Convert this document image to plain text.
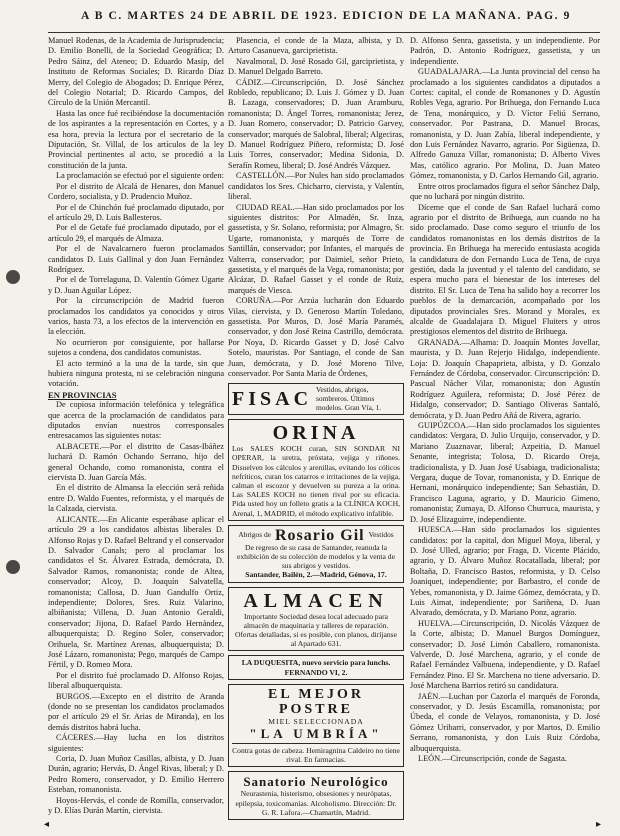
A B C. MARTES 24 DE ABRIL DE 1923. EDICION DE LA MAÑANA. PAG. 9

Manuel Rodenas, de la Academia de Jurisprudencia; D. Emilio Bonelli, de la Sociedad Geográfica; D. Pedro Sáinz, del Ateneo; D. Eduardo Masip, del Instituto de Reformas Sociales; D. Ricardo Díaz Merry, del Colegio de Abogados; D. Enrique Pérez, del Colegio Notarial; D. Ricardo Campos, del Círculo de la Unión Mercantil.

Hasta las once fué recibiéndose la documentación de los aspirantes a la representación en Cortes, y a esa hora, previa la lectura por el secretario de la Diputación, Sr. Villal, de los artículos de la ley Provincial pertinentes al acto, se procedió a la constitución de la junta.

La proclamación se efectuó por el siguiente orden:

Por el distrito de Alcalá de Henares, don Manuel Cordero, socialista, y D. Prudencio Muñoz.

Por el de Chinchón fué proclamado diputado, por el artículo 29, D. Luis Ballesteros.

Por el de Getafe fué proclamado diputado, por el artículo 29, el marqués de Almaza.

Por el de Navalcarnero fueron proclamados candidatos D. Luis Gallinal y don Juan Fernández Rodríguez.

Por el de Torrelaguna, D. Valentín Gómez Ugarte y D. Juan Aguilar López.

Por la circunscripción de Madrid fueron proclamados los candidatos ya conocidos y otros varios, hasta 73, a los efectos de la intervención en la elección.

No ocurrieron por consiguiente, por hallarse sujetos a condena, dos candidatos comunistas.

El acto terminó a la una de la tarde, sin que hubiera ninguna protesta, ni se celebración ninguna votación.

EN PROVINCIAS

De copiosa información telefónica y telegráfica que acerca de la proclamación de candidatos para diputados envían nuestros corresponsales entresacamos las siguientes notas:

ALBACETE.—Por el distrito de Casas-Ibáñez luchará D. Ramón Ochando Serrano, hijo del general Ochando, como romanonista, contra el ciervista D. Juan García Más.

En el distrito de Almansa la elección será reñida entre D. Waldo Fuentes, reformista, y el marqués de la Calzada, ciervista.

ALICANTE.—En Alicante esperábase aplicar el artículo 29 a los candidatos albistas liberales D. Alfonso Rojas y D. Rafael Beltrand y el conservador D. Salvador Canals; pero al proclamar los candidatos el Sr. Álvarez Estrada, demócrata, D. Salvador Ramos, romanonista; conde de Altea, conservador; Alcoy, D. Joaquín Salvatella, romanonista; Callosa, D. Juan Gandulfo Ortiz, independiente; Dolores, Sres. Ruiz Valarino, albiñanista; Villena, D. Juan Antonio Geraldi, conservador; Jijona, D. Rafael Pardo Hernández, albuquerquista; D. Regino Soler, conservador; Orihuela, Sr. Martínez Arenas, albuquerquista; D. José Lázaro, romanonista; Pego, marqués de Campo Fértil, y D. Romeo Mora.

Por el distrito fué proclamado D. Alfonso Rojas, liberal albuquerquista.

BURGOS.—Excepto en el distrito de Aranda (donde no se presentan los candidatos proclamados por el artículo 29 el Sr. Arias de Miranda), en los demás distritos habrá lucha.

CÁCERES.—Hay lucha en los distritos siguientes:

Coria, D. Juan Muñoz Casillas, albista, y D. Juan Durán, agrario; Hervás, D. Ángel Rivas, liberal; y D. Pedro Romero, conservador, y D. Emilio Herrero Esteban, romanonista.

Hoyos-Hervás, el conde de Romilla, conservador, y D. Elías Durán Martín, ciervista.

Plasencia, el conde de la Maza, albista, y D. Arturo Casanueva, garciprietista.

Navalmoral, D. José Rosado Gil, garciprietista, y D. Manuel Delgado Barreto.

CÁDIZ.—Circunscripción, D. José Sánchez Robledo, republicano; D. Luis J. Gómez y D. Juan B. Lazaga, conservadores; D. Juan Aramburu, romanonista; D. Ángel Torres, romanonista; Jerez, D. Juan Romero, conservador; D. Patricio Garvey, conservador; marqués de Salobral, liberal; Algeciras, D. Manuel Rodríguez Piñero, reformista; D. José Luis Torres, conservador; Medina Sidonia, D. Serafín Romeu, liberal; D. José Andrés Vázquez.

CASTELLÓN.—Por Nules han sido proclamados candidatos los Sres. Chicharro, ciervista, y Valentín, liberal.

CIUDAD REAL.—Han sido proclamados por los siguientes distritos: Por Almadén, Sr. Inza, gassetista, y Sr. Solano, reformista; por Almagro, Sr. Ugarte, romanonista, y marqués de Torre de Santillán, conservador; por Infantes, el marqués de Valterra, conservador; por Daimiel, señor Prieto, gassetista, y el marqués de la Vega, romanonista; por Alcázar, D. Rafael Gasset y el conde de Ruiz, marqués de Viesca.

CORUÑA.—Por Arzúa lucharán don Eduardo Vilas, ciervista, y D. Generoso Martín Toledano, gassetista. Por Muros, D. José María Paramés, conservador, y don José Reina Castrillo, demócrata. Por Noya, D. Ricardo Gasset y D. José Calvo Sotelo, mauristas. Por Santiago, el conde de San Juan, demócrata, y D. José Moreno Tilve, conservador. Por Santa María de Órdenes,

FISAC Vestidos, abrigos, sombreros. Últimos modelos. Gran Vía, 1.
ORINA
Los SALES KOCH curan, SIN SONDAR NI OPERAR, la uretra, próstata, vejiga y riñones. Disuelven los cálculos y arenillas, evitando los cólicos nefríticos, curan los catarros e irritaciones de la vejiga, calman el escozor y devuelven su pureza a la orina. Las SALES KOCH no tienen rival por su eficacia. Pida usted hoy un folleto gratis a la CLÍNICA KOCH, Arenal, 1, MADRID, el método explicativo infalible.
Abrigos de Rosario Gil Vestidos
De regreso de su casa de Santander, reanuda la exhibición de su colección de modelos y la venta de sus abrigos y vestidos.
Santander, Bailén, 2.—Madrid, Génova, 17.
ALMACEN
Importante Sociedad desea local adecuado para almacén de maquinaria y talleres de reparación. Ofertas detalladas, si es posible, con planos, diríjanse al Apartado 631.
LA DUQUESITA, nuevo servicio para lunchs. FERNANDO VI, 2.
EL MEJOR POSTRE
MIEL SELECCIONADA
"LA UMBRÍA"
Contra gotas de cabeza. Hemiragnina Caldeiro no tiene rival. En farmacias.
Sanatorio Neurológico
Neurastenia, histerismo, obsesiones y neurópatas, epilepsia, toxicomanías. Alcoholismo. Dirección: Dr. G. R. Lafora.—Chamartín, Madrid.

D. Alfonso Senra, gassetista, y un independiente. Por Padrón, D. Antonio Rodríguez, gassetista, y un independiente.

GUADALAJARA.—La Junta provincial del censo ha proclamado a los siguientes candidatos a diputados a Cortes: capital, el conde de Romanones y D. Agustín Robles Vega, agrario. Por Brihuega, don Fernando Luca de Tena, monárquico, y D. Víctor Feliú Serrano, conservador. Por Pastrana, D. Manuel Brocas, romanonista, y D. Juan Zabía, liberal independiente, y don Luis Fernández Navarro, agrario. Por Sigüenza, D. Alfredo Ganuza Villar, romanonista; D. Alberto Vives Mas, católico agrario. Por Molina, D. Juan Mateo Gómez, romanonista, y D. Carlos Hernando Gil, agrario.

Entre otros proclamados figura el señor Sánchez Dalp, que no luchará por ningún distrito.

Díceme que el conde de San Rafael luchará como agrario por el distrito de Brihuega, aun cuando no ha sido proclamado. Dase como seguro el triunfo de los candidatos romanonistas en los demás distritos de la provincia. En Brihuega ha merecido entusiasta acogida la candidatura de don Fernando Luca de Tena, de cuya gestión, dada la juventud y el talento del candidato, se espera mucho para el bienestar de los intereses del distrito. El Sr. Luca de Tena ha salido hoy a recorrer los pueblos de la demarcación, acompañado por los diputados provinciales Sres. Morand y Morales, ex alcalde de Guadalajara D. Miguel Fluiters y otros prestigiosos elementos del distrito de Brihuega.

GRANADA.—Alhama: D. Joaquín Montes Jovellar, maurista, y D. Juan Rejerjo Hidalgo, independiente. Loja: D. Joaquín Chapaprieta, albista, y D. Gonzalo Fernández de Córdoba, conservador. Circunscripción: D. Pascual Nácher Vilar, romanonista; don Agustín Rodríguez Aguilera, reformista; D. José Pérez de Hidalgo, conservador; D. Santiago Oliveras Santaló, demócrata, y D. Juan Pedro Añá de Rivera, agrario.

GUIPÚZCOA.—Han sido proclamados los siguientes candidatos: Vergara, D. Julio Urquijo, conservador, y D. Mariano Zuaznavar, liberal; Azpeitia, D. Manuel Senante, integrista; Tolosa, D. Ricardo Oreja, tradicionalista, y D. Juan José Usabiaga, tradicionalista; Vergara, duque de Tovar, romanonista, y D. Enrique de Hernani, monárquico independiente; San Sebastián, D. Francisco Laguna, agrario, y D. Mauricio Gimeno, romanonista; Zumaya, D. Alfonso Churruca, maurista, y D. José Elizaguirre, independiente.

HUESCA.—Han sido proclamados los siguientes candidatos: por la capital, don Miguel Moya, liberal, y D. José Ulled, agrario; por Fraga, D. Vicente Plácido, agrario, y D. Álvaro Muñoz Rocatallada, liberal; por Boltaña, D. Francisco Bastos, reformista, y D. Celso Joaniquet, independiente; por Barbastro, el conde de Yebes, romanonista, y D. Jaime Gómez, demócrata, y D. Luis Aimat, independiente; por Sariñena, D. Juan Alvarado, demócrata, y D. Mariano Ponz, agrario.

HUELVA.—Circunscripción, D. Nicolás Vázquez de la Corte, albista; D. Manuel Burgos Domínguez, conservador; D. José Limón Caballero, romanonista. Valverde, D. José Marchena, agrario, y el conde de Rafael Fernández Valbuena, independiente, y D. Rafael Fernández Pino. El Sr. Marchena no tiene adversario. D. José Marchena Barrios retiró su candidatura.

JAÉN.—Luchan por Cazorla el marqués de Foronda, conservador, y D. Jesús Escamilla, romanonista; por Úbeda, el conde de Velayos, romanonista, y D. José Gómez Uribarri, conservador, y por Martos, D. Emilio Serrano, romanonista, y don Luis Ruiz Córdoba, albuquerquista.

LEÓN.—Circunscripción, conde de Sagasta.

◂	▸
